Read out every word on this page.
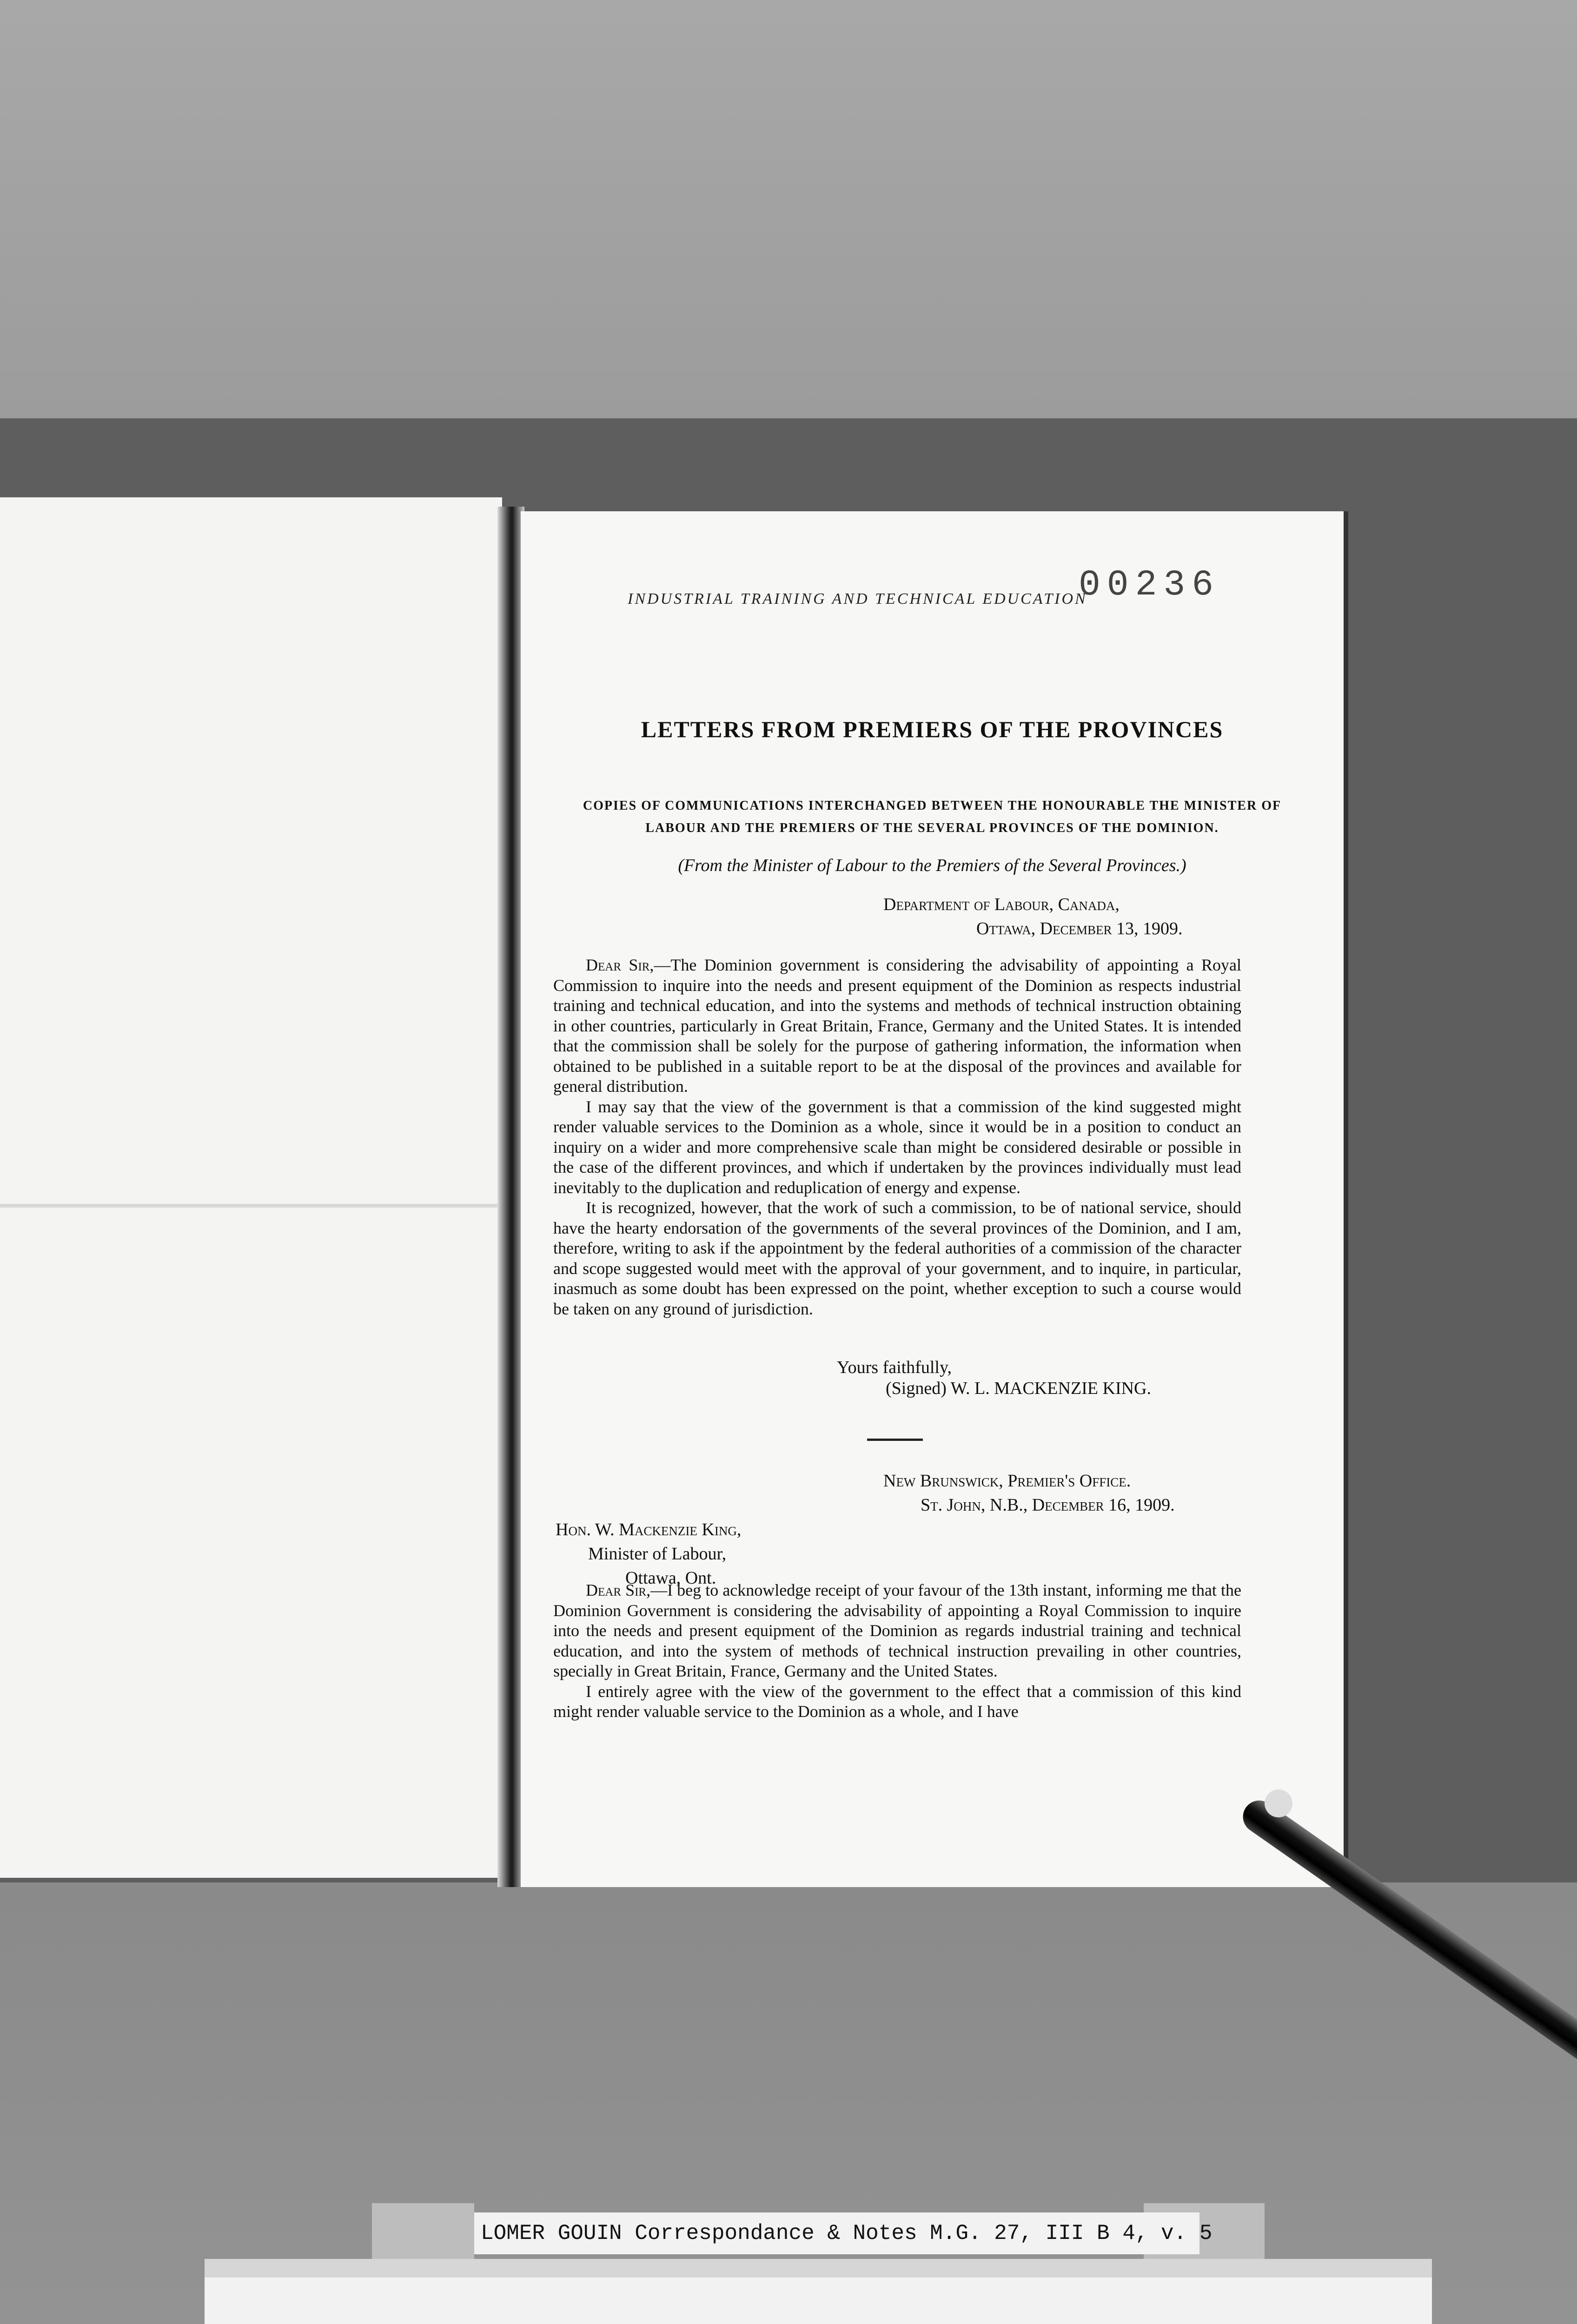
INDUSTRIAL TRAINING AND TECHNICAL EDUCATION
00236
LETTERS FROM PREMIERS OF THE PROVINCES
COPIES OF COMMUNICATIONS INTERCHANGED BETWEEN THE HONOURABLE THE MINISTER OF
LABOUR AND THE PREMIERS OF THE SEVERAL PROVINCES OF THE DOMINION.
(From the Minister of Labour to the Premiers of the Several Provinces.)
Department of Labour, Canada,
Ottawa, December 13, 1909.

Dear Sir,—The Dominion government is considering the advisability of appointing a Royal Commission to inquire into the needs and present equipment of the Dominion as respects industrial training and technical education, and into the systems and methods of technical instruction obtaining in other countries, particularly in Great Britain, France, Germany and the United States. It is intended that the commission shall be solely for the purpose of gathering information, the information when obtained to be published in a suitable report to be at the disposal of the provinces and available for general distribution.

I may say that the view of the government is that a commission of the kind suggested might render valuable services to the Dominion as a whole, since it would be in a position to conduct an inquiry on a wider and more comprehensive scale than might be considered desirable or possible in the case of the different provinces, and which if undertaken by the provinces individually must lead inevitably to the duplication and reduplication of energy and expense.

It is recognized, however, that the work of such a commission, to be of national service, should have the hearty endorsation of the governments of the several provinces of the Dominion, and I am, therefore, writing to ask if the appointment by the federal authorities of a commission of the character and scope suggested would meet with the approval of your government, and to inquire, in particular, inasmuch as some doubt has been expressed on the point, whether exception to such a course would be taken on any ground of jurisdiction.

Yours faithfully,
(Signed) W. L. MACKENZIE KING.
New Brunswick, Premier's Office.
St. John, N.B., December 16, 1909.
Hon. W. Mackenzie King,
Minister of Labour,
Ottawa, Ont.

Dear Sir,—I beg to acknowledge receipt of your favour of the 13th instant, informing me that the Dominion Government is considering the advisability of appointing a Royal Commission to inquire into the needs and present equipment of the Dominion as regards industrial training and technical education, and into the system of methods of technical instruction prevailing in other countries, specially in Great Britain, France, Germany and the United States.

I entirely agree with the view of the government to the effect that a commission of this kind might render valuable service to the Dominion as a whole, and I have

LOMER GOUIN Correspondance & Notes M.G. 27, III B 4, v. 5
